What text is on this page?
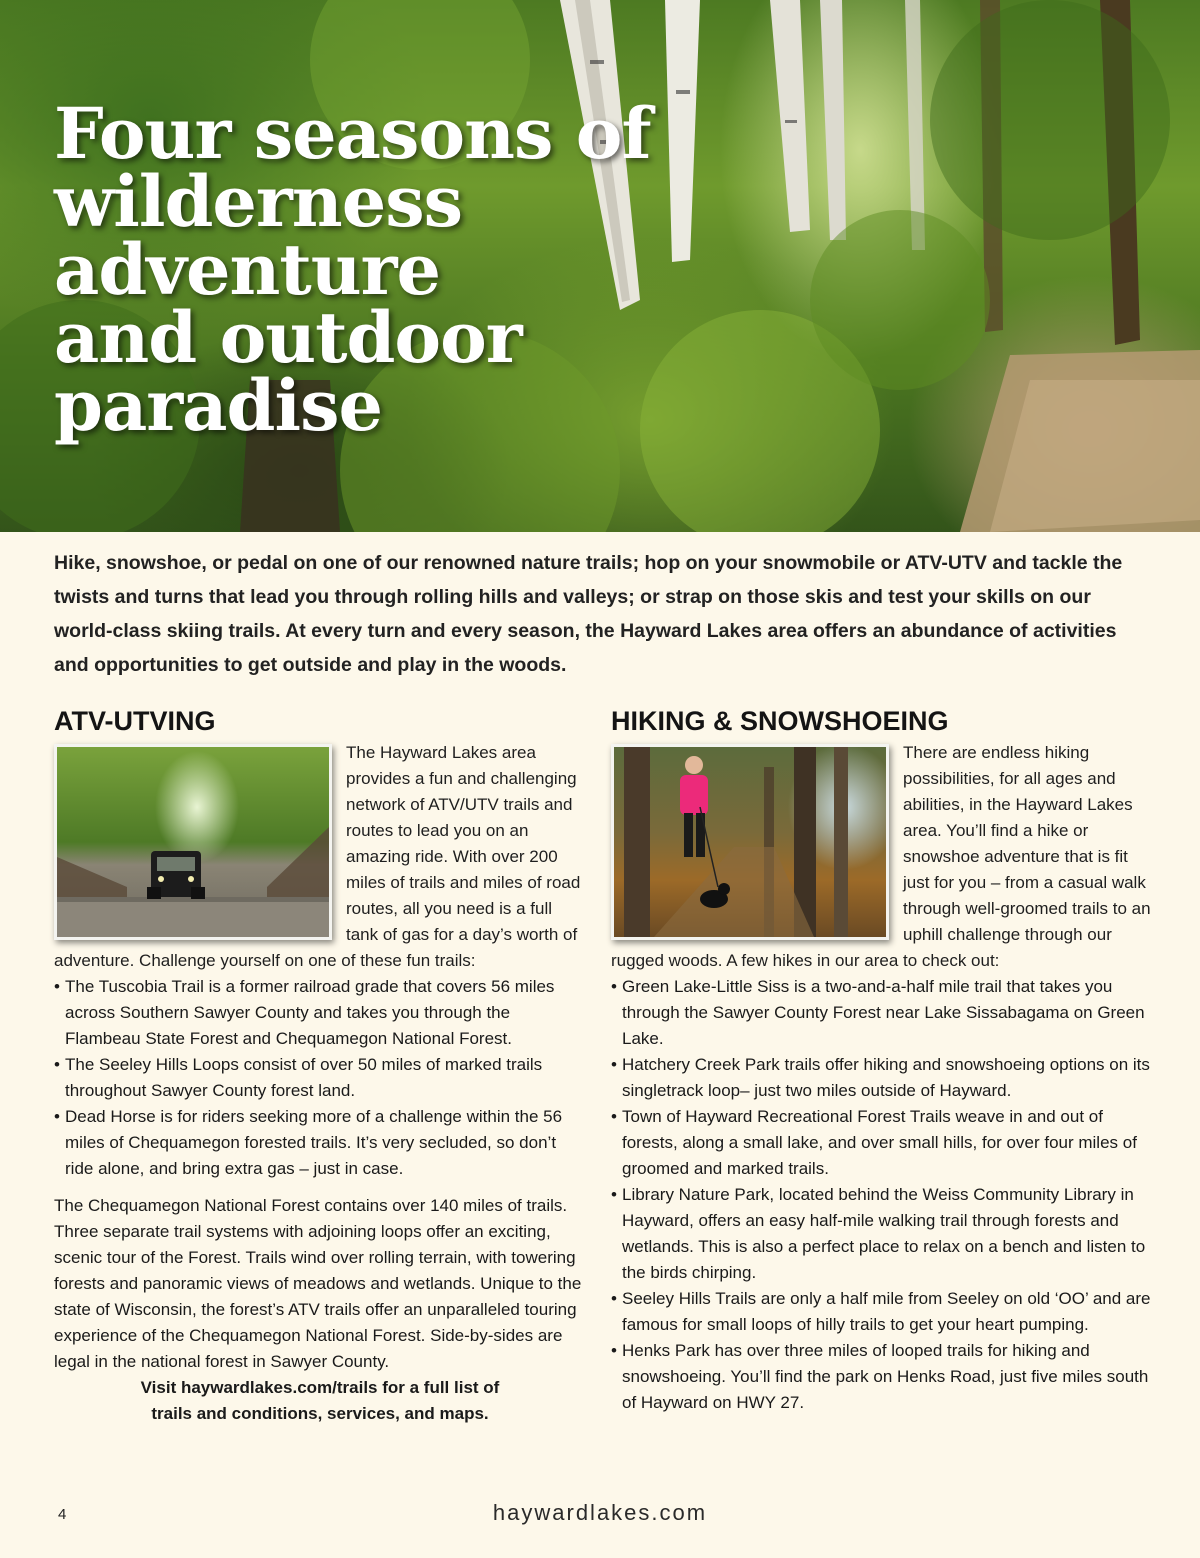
Four seasons of
wilderness adventure
and outdoor paradise

Hike, snowshoe, or pedal on one of our renowned nature trails; hop on your snowmobile or ATV-UTV and tackle the twists and turns that lead you through rolling hills and valleys; or strap on those skis and test your skills on our world-class skiing trails. At every turn and every season, the Hayward Lakes area offers an abundance of activities and opportunities to get outside and play in the woods.

ATV-UTVING

The Hayward Lakes area provides a fun and challenging network of ATV/UTV trails and routes to lead you on an amazing ride. With over 200 miles of trails and miles of road routes, all you need is a full tank of gas for a day’s worth of adventure. Challenge yourself on one of these fun trails:

• The Tuscobia Trail is a former railroad grade that covers 56 miles across Southern Sawyer County and takes you through the Flambeau State Forest and Chequamegon National Forest.
• The Seeley Hills Loops consist of over 50 miles of marked trails throughout Sawyer County forest land.
• Dead Horse is for riders seeking more of a challenge within the 56 miles of Chequamegon forested trails. It’s very secluded, so don’t ride alone, and bring extra gas – just in case.

The Chequamegon National Forest contains over 140 miles of trails. Three separate trail systems with adjoining loops offer an exciting, scenic tour of the Forest. Trails wind over rolling terrain, with towering forests and panoramic views of meadows and wetlands. Unique to the state of Wisconsin, the forest’s ATV trails offer an unparalleled touring experience of the Chequamegon National Forest. Side-by-sides are legal in the national forest in Sawyer County.

Visit haywardlakes.com/trails for a full list of
trails and conditions, services, and maps.

HIKING & SNOWSHOEING

There are endless hiking possibilities, for all ages and abilities, in the Hayward Lakes area. You’ll find a hike or snowshoe adventure that is fit just for you – from a casual walk through well-groomed trails to an uphill challenge through our rugged woods. A few hikes in our area to check out:

• Green Lake-Little Siss is a two-and-a-half mile trail that takes you through the Sawyer County Forest near Lake Sissabagama on Green Lake.
• Hatchery Creek Park trails offer hiking and snowshoeing options on its singletrack loop– just two miles outside of Hayward.
• Town of Hayward Recreational Forest Trails weave in and out of forests, along a small lake, and over small hills, for over four miles of groomed and marked trails.
• Library Nature Park, located behind the Weiss Community Library in Hayward, offers an easy half-mile walking trail through forests and wetlands. This is also a perfect place to relax on a bench and listen to the birds chirping.
• Seeley Hills Trails are only a half mile from Seeley on old ‘OO’ and are famous for small loops of hilly trails to get your heart pumping.
• Henks Park has over three miles of looped trails for hiking and snowshoeing. You’ll find the park on Henks Road, just five miles south of Hayward on HWY 27.
4	haywardlakes.com
